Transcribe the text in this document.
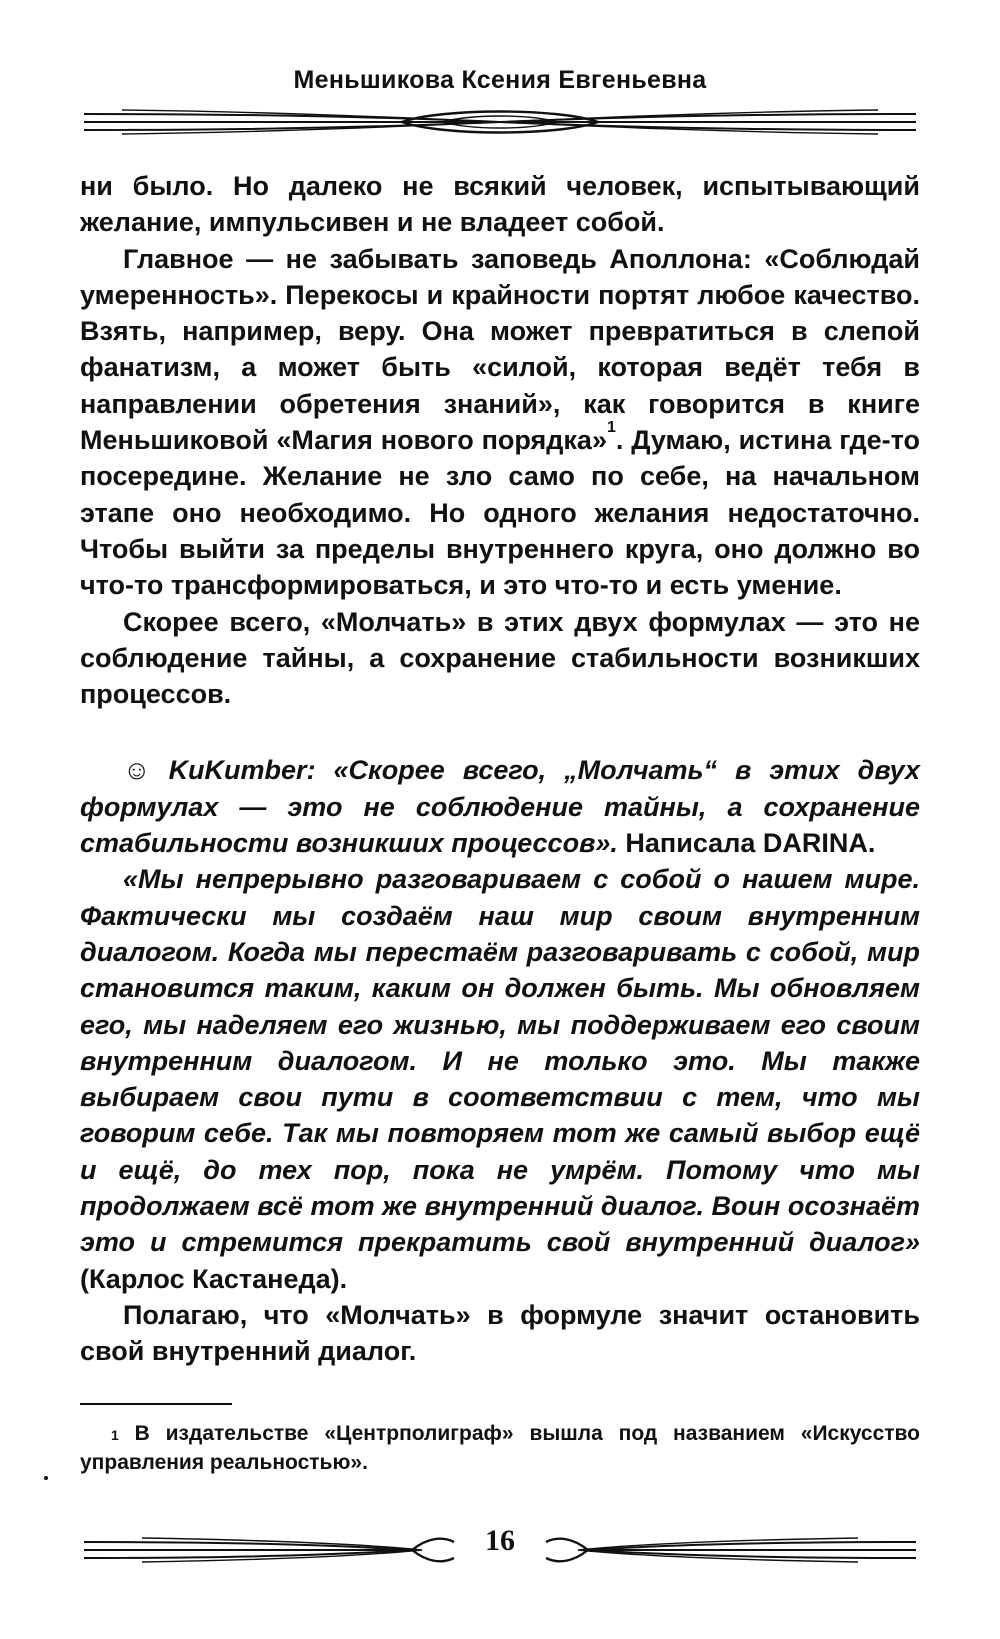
Меньшикова Ксения Евгеньевна

ни было. Но далеко не всякий человек, испытывающий желание, импульсивен и не владеет собой.

Главное — не забывать заповедь Аполлона: «Соблюдай умеренность». Перекосы и крайности портят любое качество. Взять, например, веру. Она может превратиться в слепой фанатизм, а может быть «силой, которая ведёт тебя в направлении обретения знаний», как говорится в книге Меньшиковой «Магия нового порядка»$^1$. Думаю, истина где-то посередине. Желание не зло само по себе, на начальном этапе оно необходимо. Но одного желания недостаточно. Чтобы выйти за пределы внутреннего круга, оно должно во что-то трансформироваться, и это что-то и есть умение.

Скорее всего, «Молчать» в этих двух формулах — это не соблюдение тайны, а сохранение стабильности возникших процессов.

☺ KuKumber: «Скорее всего, „Молчать“ в этих двух формулах — это не соблюдение тайны, а сохранение стабильности возникших процессов». Написала DARINA.

«Мы непрерывно разговариваем с собой о нашем мире. Фактически мы создаём наш мир своим внутренним диалогом. Когда мы перестаём разговаривать с собой, мир становится таким, каким он должен быть. Мы обновляем его, мы наделяем его жизнью, мы поддерживаем его своим внутренним диалогом. И не только это. Мы также выбираем свои пути в соответствии с тем, что мы говорим себе. Так мы повторяем тот же самый выбор ещё и ещё, до тех пор, пока не умрём. Потому что мы продолжаем всё тот же внутренний диалог. Воин осознаёт это и стремится прекратить свой внутренний диалог» (Карлос Кастанеда).

Полагаю, что «Молчать» в формуле значит остановить свой внутренний диалог.

$^1$ В издательстве «Центрполиграф» вышла под названием «Искусство управления реальностью».
16
